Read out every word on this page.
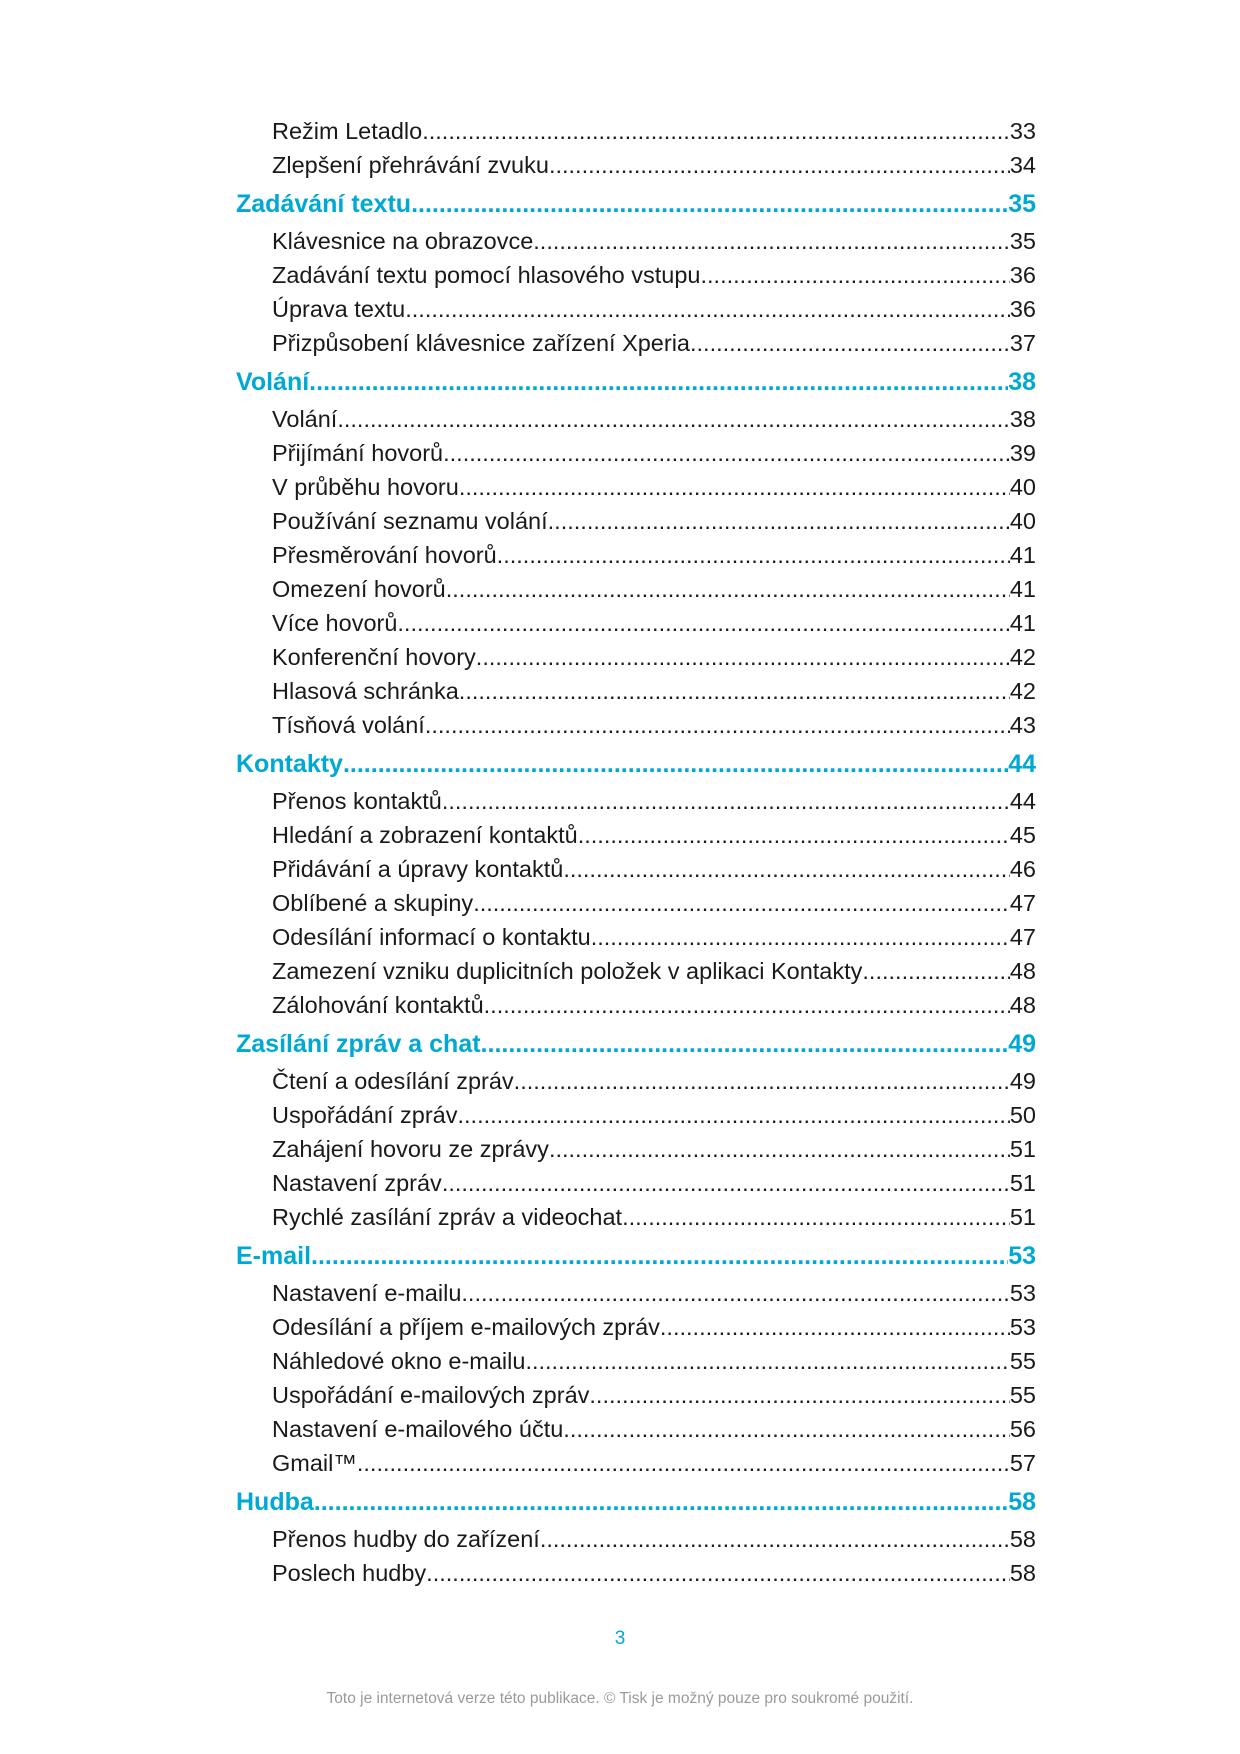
Režim Letadlo .....	33
Zlepšení přehrávání zvuku .....	34
Zadávání textu .....	35
Klávesnice na obrazovce .....	35
Zadávání textu pomocí hlasového vstupu .....	36
Úprava textu .....	36
Přizpůsobení klávesnice zařízení Xperia .....	37
Volání .....	38
Volání .....	38
Přijímání hovorů .....	39
V průběhu hovoru .....	40
Používání seznamu volání .....	40
Přesměrování hovorů .....	41
Omezení hovorů .....	41
Více hovorů .....	41
Konferenční hovory .....	42
Hlasová schránka .....	42
Tísňová volání .....	43
Kontakty .....	44
Přenos kontaktů .....	44
Hledání a zobrazení kontaktů .....	45
Přidávání a úpravy kontaktů .....	46
Oblíbené a skupiny .....	47
Odesílání informací o kontaktu .....	47
Zamezení vzniku duplicitních položek v aplikaci Kontakty .....	48
Zálohování kontaktů .....	48
Zasílání zpráv a chat .....	49
Čtení a odesílání zpráv .....	49
Uspořádání zpráv .....	50
Zahájení hovoru ze zprávy .....	51
Nastavení zpráv .....	51
Rychlé zasílání zpráv a videochat .....	51
E-mail .....	53
Nastavení e-mailu .....	53
Odesílání a příjem e-mailových zpráv .....	53
Náhledové okno e-mailu .....	55
Uspořádání e-mailových zpráv .....	55
Nastavení e-mailového účtu .....	56
Gmail™ .....	57
Hudba .....	58
Přenos hudby do zařízení .....	58
Poslech hudby .....	58
3
Toto je internetová verze této publikace. © Tisk je možný pouze pro soukromé použití.
